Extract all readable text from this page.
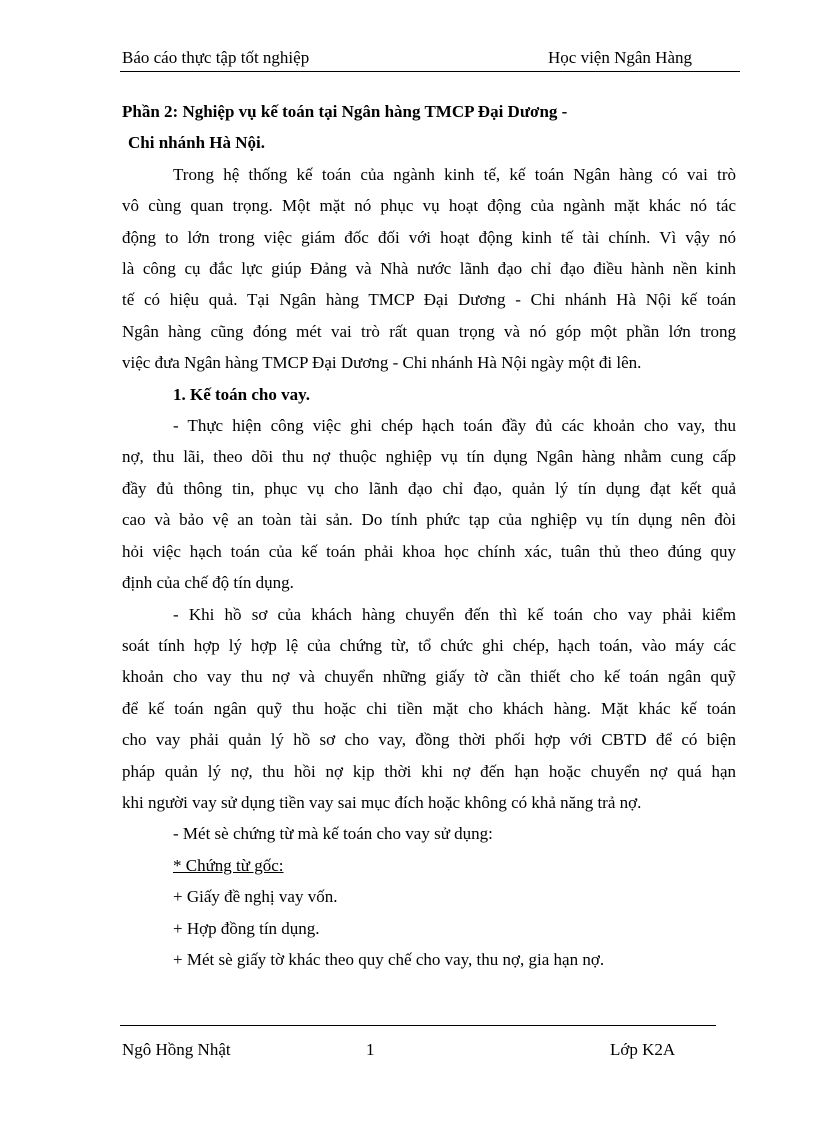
Báo cáo thực tập tốt nghiệp	Học viện Ngân Hàng

Phần 2: Nghiệp vụ kế toán tại Ngân hàng TMCP Đại Dương -

Chi nhánh Hà Nội.

Trong hệ thống kế toán của ngành kinh tế, kế toán Ngân hàng có vai trò

vô cùng quan trọng. Một mặt nó phục vụ hoạt động của ngành mặt khác nó tác

động to lớn trong việc giám đốc đối với hoạt động kinh tế tài chính. Vì vậy nó

là công cụ đắc lực giúp Đảng và Nhà nước lãnh đạo chỉ đạo điều hành nền kinh

tế có hiệu quả. Tại Ngân hàng TMCP Đại Dương - Chi nhánh Hà Nội kế toán

Ngân hàng cũng đóng mét vai trò rất quan trọng và nó góp một phần lớn trong

việc đưa Ngân hàng TMCP Đại Dương - Chi nhánh Hà Nội ngày một đi lên.

1. Kế toán cho vay.

- Thực hiện công việc ghi chép hạch toán đầy đủ các khoản cho vay, thu

nợ, thu lãi, theo dõi thu nợ thuộc nghiệp vụ tín dụng Ngân hàng nhằm cung cấp

đầy đủ thông tin, phục vụ cho lãnh đạo chỉ đạo, quản lý tín dụng đạt kết quả

cao và bảo vệ an toàn tài sản. Do tính phức tạp của nghiệp vụ tín dụng nên đòi

hỏi việc hạch toán của kế toán phải khoa học chính xác, tuân thủ theo đúng quy

định của chế độ tín dụng.

- Khi hồ sơ của khách hàng chuyển đến thì kế toán cho vay phải kiểm

soát tính hợp lý hợp lệ của chứng từ, tổ chức ghi chép, hạch toán, vào máy các

khoản cho vay thu nợ và chuyển những giấy tờ cần thiết cho kế toán ngân quỹ

để kế toán ngân quỹ thu hoặc chi tiền mặt cho khách hàng. Mặt khác kế toán

cho vay phải quản lý hồ sơ cho vay, đồng thời phối hợp với CBTD để có biện

pháp quản lý nợ, thu hồi nợ kịp thời khi nợ đến hạn hoặc chuyển nợ quá hạn

khi người vay sử dụng tiền vay sai mục đích hoặc không có khả năng trả nợ.

- Mét sè chứng từ mà kế toán cho vay sử dụng:

* Chứng từ gốc:

+ Giấy đề nghị vay vốn.

+ Hợp đồng tín dụng.

+ Mét sè giấy tờ khác theo quy chế cho vay, thu nợ, gia hạn nợ.

Ngô Hồng Nhật	1	Lớp K2A
